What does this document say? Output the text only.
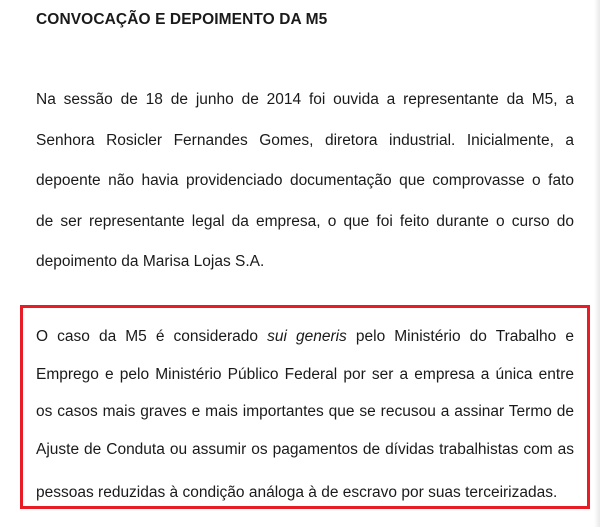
CONVOCAÇÃO E DEPOIMENTO DA M5
Na sessão de 18 de junho de 2014 foi ouvida a representante da M5, a
Senhora Rosicler Fernandes Gomes, diretora industrial. Inicialmente, a
depoente não havia providenciado documentação que comprovasse o fato
de ser representante legal da empresa, o que foi feito durante o curso do
depoimento da Marisa Lojas S.A.
O caso da M5 é considerado sui generis pelo Ministério do Trabalho e
Emprego e pelo Ministério Público Federal por ser a empresa a única entre
os casos mais graves e mais importantes que se recusou a assinar Termo de
Ajuste de Conduta ou assumir os pagamentos de dívidas trabalhistas com as
pessoas reduzidas à condição análoga à de escravo por suas terceirizadas.
